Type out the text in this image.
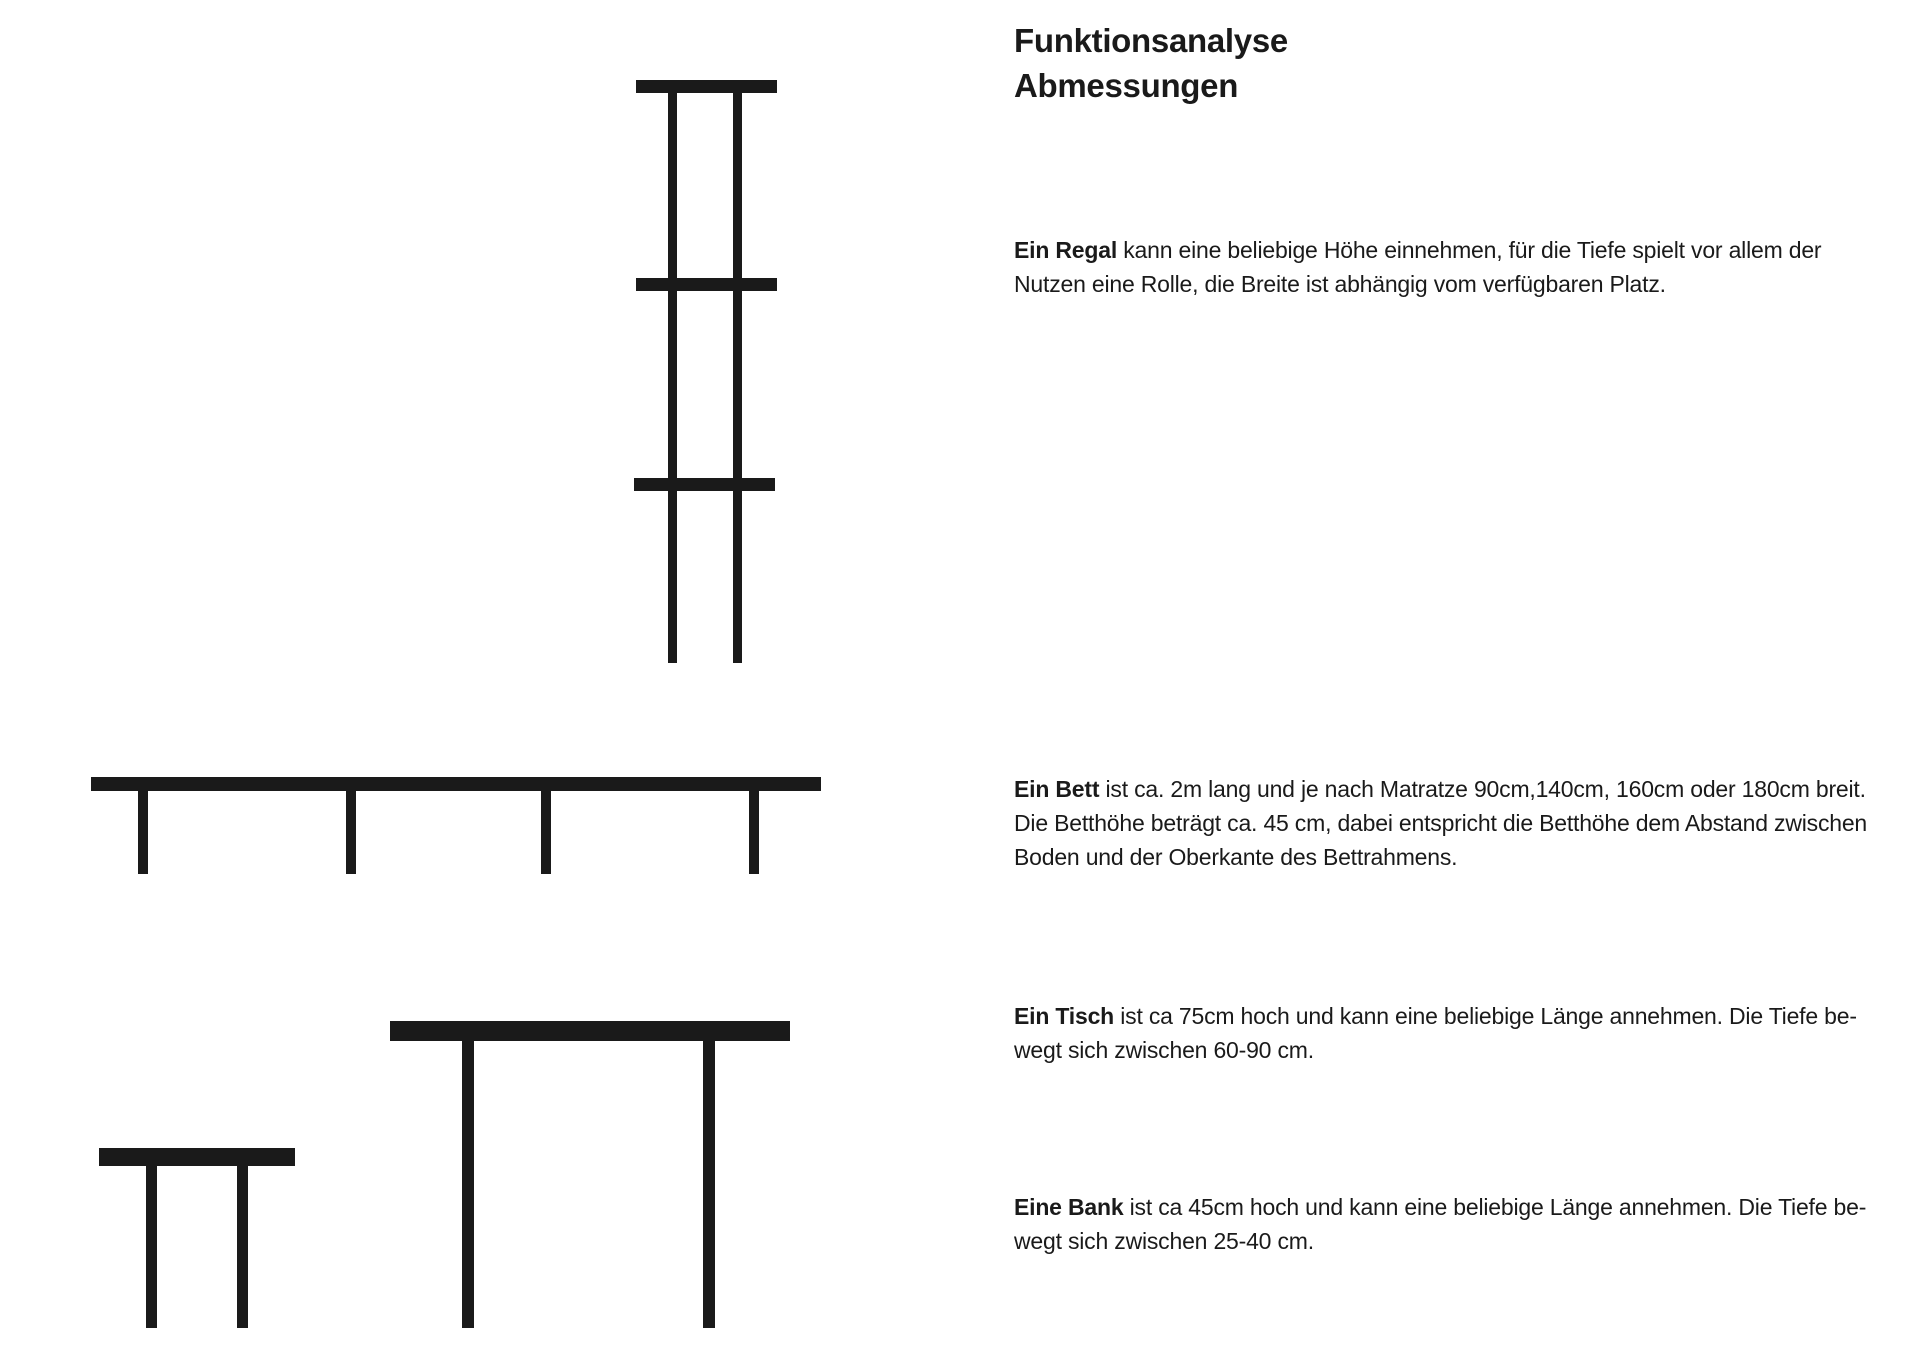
Funktionsanalyse
Abmessungen

Ein Regal kann eine beliebige Höhe einnehmen, für die Tiefe spielt vor allem der
Nutzen eine Rolle, die Breite ist abhängig vom verfügbaren Platz.

Ein Bett ist ca. 2m lang und je nach Matratze 90cm,140cm, 160cm oder 180cm breit.
Die Betthöhe beträgt ca. 45 cm, dabei entspricht die Betthöhe dem Abstand zwischen
Boden und der Oberkante des Bettrahmens.

Ein Tisch ist ca 75cm hoch und kann eine beliebige Länge annehmen. Die Tiefe be-
wegt sich zwischen 60-90 cm.

Eine Bank ist ca 45cm hoch und kann eine beliebige Länge annehmen. Die Tiefe be-
wegt sich zwischen 25-40 cm.
